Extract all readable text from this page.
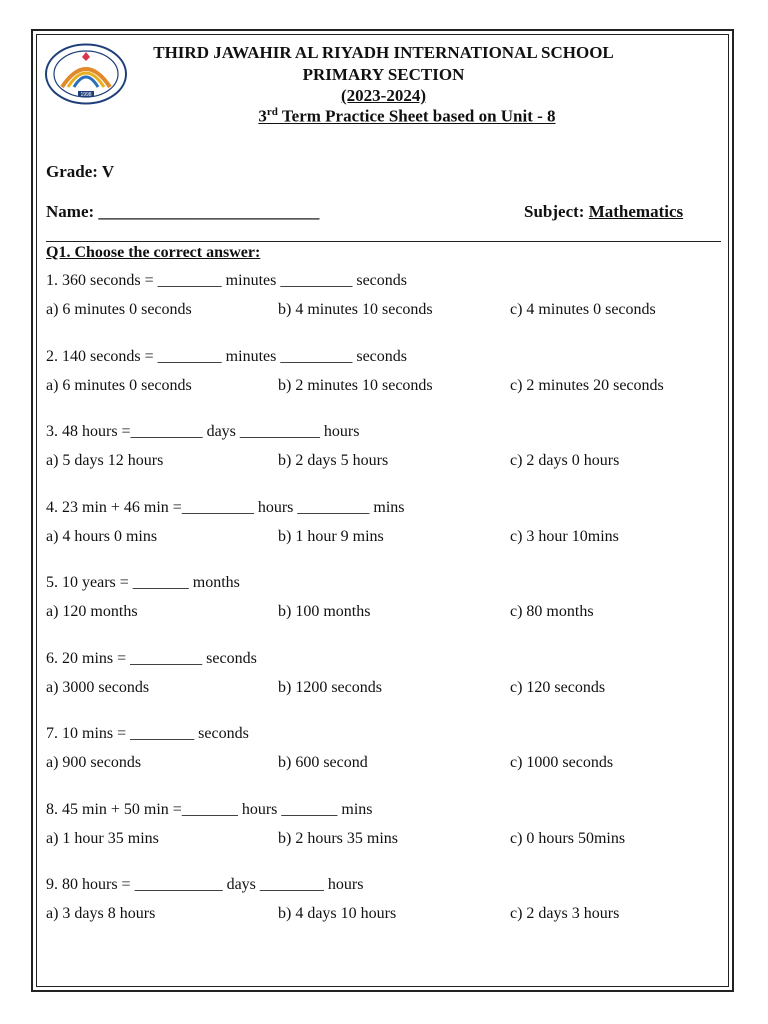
1998
THIRD JAWAHIR AL RIYADH INTERNATIONAL SCHOOL
PRIMARY SECTION
(2023-2024)
3rd Term Practice Sheet based on Unit - 8
Grade: V
Name: __________________________	Subject: Mathematics
Q1. Choose the correct answer:
1. 360 seconds = ________ minutes _________ seconds
a) 6 minutes 0 seconds	b) 4 minutes 10 seconds	c) 4 minutes 0 seconds
2. 140 seconds = ________ minutes _________ seconds
a) 6 minutes 0 seconds	b) 2 minutes 10 seconds	c) 2 minutes 20 seconds
3. 48 hours =_________ days __________ hours
a) 5 days 12 hours	b) 2 days 5 hours	c) 2 days 0 hours
4. 23 min + 46 min =_________ hours _________ mins
a) 4 hours 0 mins	b) 1 hour 9 mins	c) 3 hour 10mins
5. 10 years = _______ months
a) 120 months	b) 100 months	c) 80 months
6. 20 mins = _________ seconds
a) 3000 seconds	b) 1200 seconds	c) 120 seconds
7. 10 mins = ________ seconds
a) 900 seconds	b) 600 second	c) 1000 seconds
8. 45 min + 50 min =_______ hours _______ mins
a) 1 hour 35 mins	b) 2 hours 35 mins	c) 0 hours 50mins
9. 80 hours = ___________ days ________ hours
a) 3 days 8 hours	b) 4 days 10 hours	c) 2 days 3 hours
